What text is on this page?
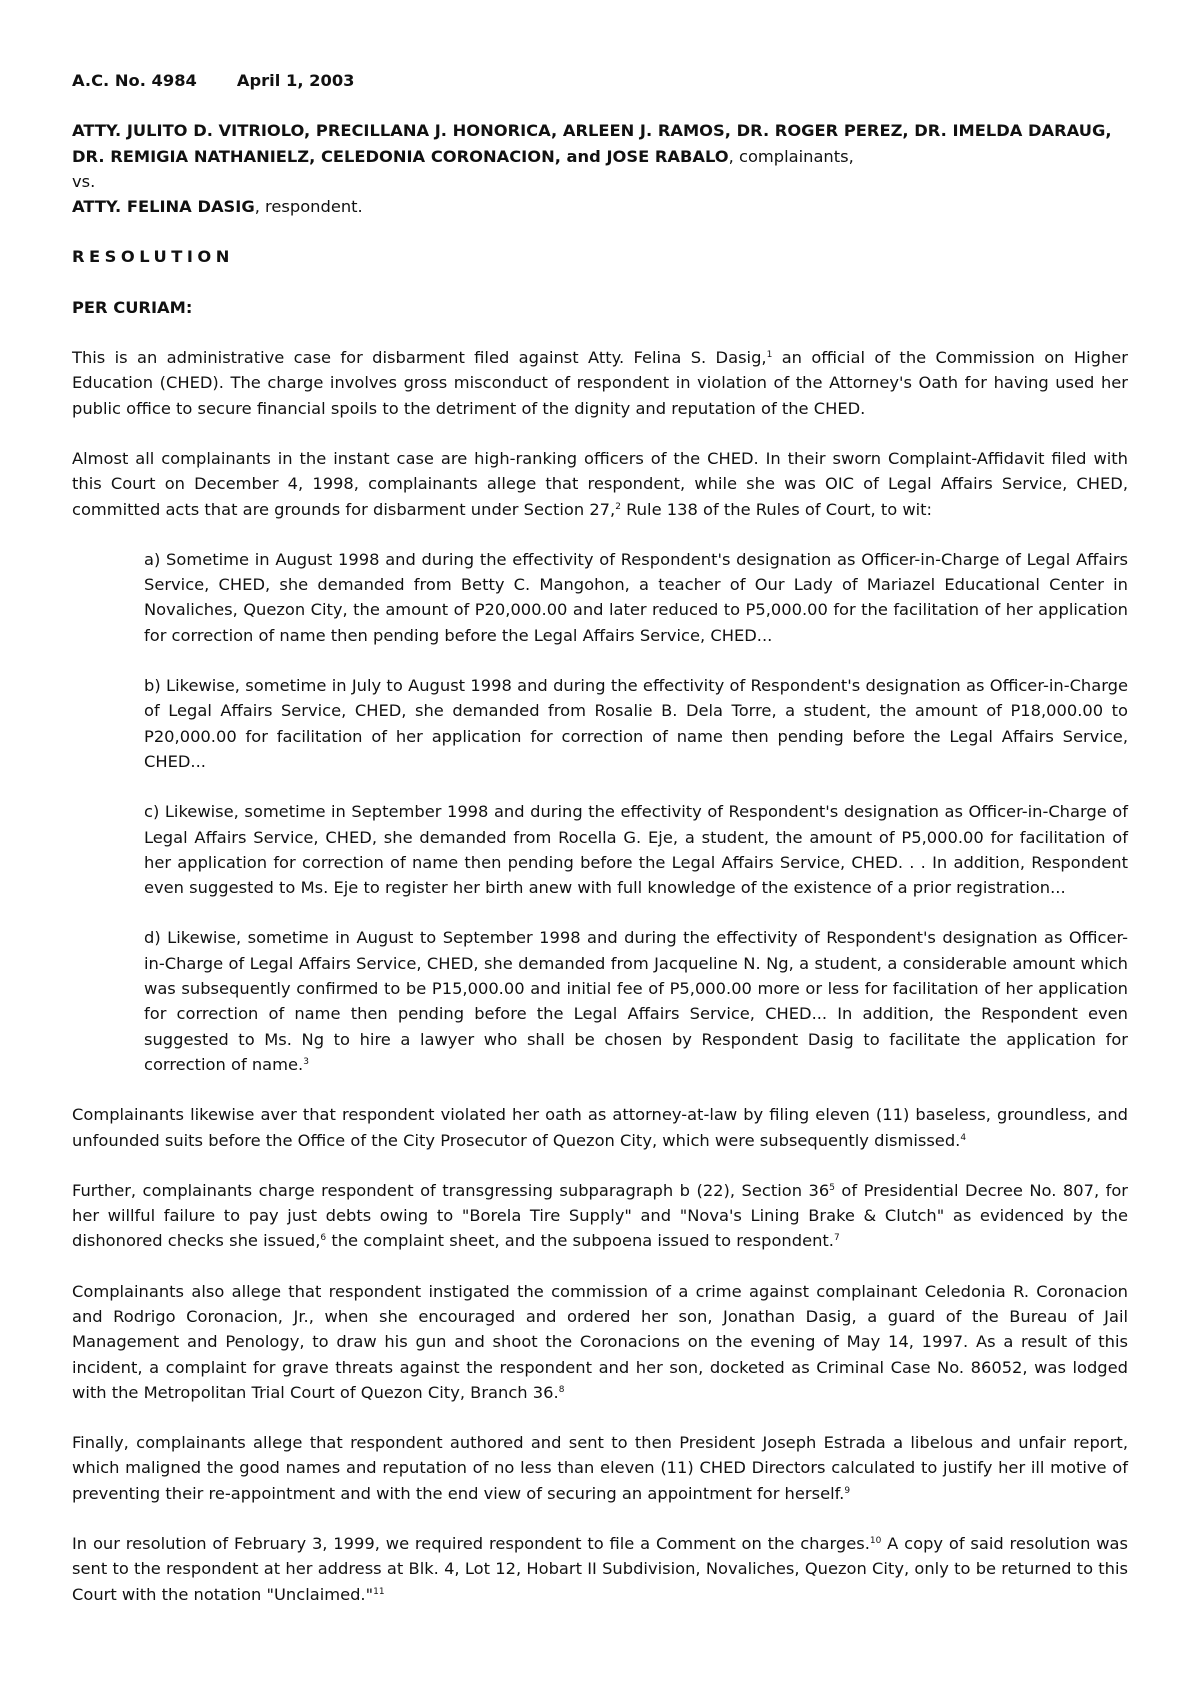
A.C. No. 4984 April 1, 2003
ATTY. JULITO D. VITRIOLO, PRECILLANA J. HONORICA, ARLEEN J. RAMOS, DR. ROGER PEREZ, DR. IMELDA DARAUG, DR. REMIGIA NATHANIELZ, CELEDONIA CORONACION, and JOSE RABALO, complainants,
vs.
ATTY. FELINA DASIG, respondent.
RESOLUTION
PER CURIAM:

This is an administrative case for disbarment filed against Atty. Felina S. Dasig,$^1$ an official of the Commission on Higher Education (CHED). The charge involves gross misconduct of respondent in violation of the Attorney's Oath for having used her public office to secure financial spoils to the detriment of the dignity and reputation of the CHED.

Almost all complainants in the instant case are high-ranking officers of the CHED. In their sworn Complaint-Affidavit filed with this Court on December 4, 1998, complainants allege that respondent, while she was OIC of Legal Affairs Service, CHED, committed acts that are grounds for disbarment under Section 27,$^2$ Rule 138 of the Rules of Court, to wit:

a) Sometime in August 1998 and during the effectivity of Respondent's designation as Officer-in-Charge of Legal Affairs Service, CHED, she demanded from Betty C. Mangohon, a teacher of Our Lady of Mariazel Educational Center in Novaliches, Quezon City, the amount of P20,000.00 and later reduced to P5,000.00 for the facilitation of her application for correction of name then pending before the Legal Affairs Service, CHED...

b) Likewise, sometime in July to August 1998 and during the effectivity of Respondent's designation as Officer-in-Charge of Legal Affairs Service, CHED, she demanded from Rosalie B. Dela Torre, a student, the amount of P18,000.00 to P20,000.00 for facilitation of her application for correction of name then pending before the Legal Affairs Service, CHED...

c) Likewise, sometime in September 1998 and during the effectivity of Respondent's designation as Officer-in-Charge of Legal Affairs Service, CHED, she demanded from Rocella G. Eje, a student, the amount of P5,000.00 for facilitation of her application for correction of name then pending before the Legal Affairs Service, CHED. . . In addition, Respondent even suggested to Ms. Eje to register her birth anew with full knowledge of the existence of a prior registration...

d) Likewise, sometime in August to September 1998 and during the effectivity of Respondent's designation as Officer-in-Charge of Legal Affairs Service, CHED, she demanded from Jacqueline N. Ng, a student, a considerable amount which was subsequently confirmed to be P15,000.00 and initial fee of P5,000.00 more or less for facilitation of her application for correction of name then pending before the Legal Affairs Service, CHED... In addition, the Respondent even suggested to Ms. Ng to hire a lawyer who shall be chosen by Respondent Dasig to facilitate the application for correction of name.$^3$

Complainants likewise aver that respondent violated her oath as attorney-at-law by filing eleven (11) baseless, groundless, and unfounded suits before the Office of the City Prosecutor of Quezon City, which were subsequently dismissed.$^4$

Further, complainants charge respondent of transgressing subparagraph b (22), Section $36^5$ of Presidential Decree No. 807, for her willful failure to pay just debts owing to "Borela Tire Supply" and "Nova's Lining Brake & Clutch" as evidenced by the dishonored checks she issued,$^6$ the complaint sheet, and the subpoena issued to respondent.$^7$

Complainants also allege that respondent instigated the commission of a crime against complainant Celedonia R. Coronacion and Rodrigo Coronacion, Jr., when she encouraged and ordered her son, Jonathan Dasig, a guard of the Bureau of Jail Management and Penology, to draw his gun and shoot the Coronacions on the evening of May 14, 1997. As a result of this incident, a complaint for grave threats against the respondent and her son, docketed as Criminal Case No. 86052, was lodged with the Metropolitan Trial Court of Quezon City, Branch 36.$^8$

Finally, complainants allege that respondent authored and sent to then President Joseph Estrada a libelous and unfair report, which maligned the good names and reputation of no less than eleven (11) CHED Directors calculated to justify her ill motive of preventing their re-appointment and with the end view of securing an appointment for herself.$^9$

In our resolution of February 3, 1999, we required respondent to file a Comment on the charges.$^{10}$ A copy of said resolution was sent to the respondent at her address at Blk. 4, Lot 12, Hobart II Subdivision, Novaliches, Quezon City, only to be returned to this Court with the notation "Unclaimed."$^{11}$
